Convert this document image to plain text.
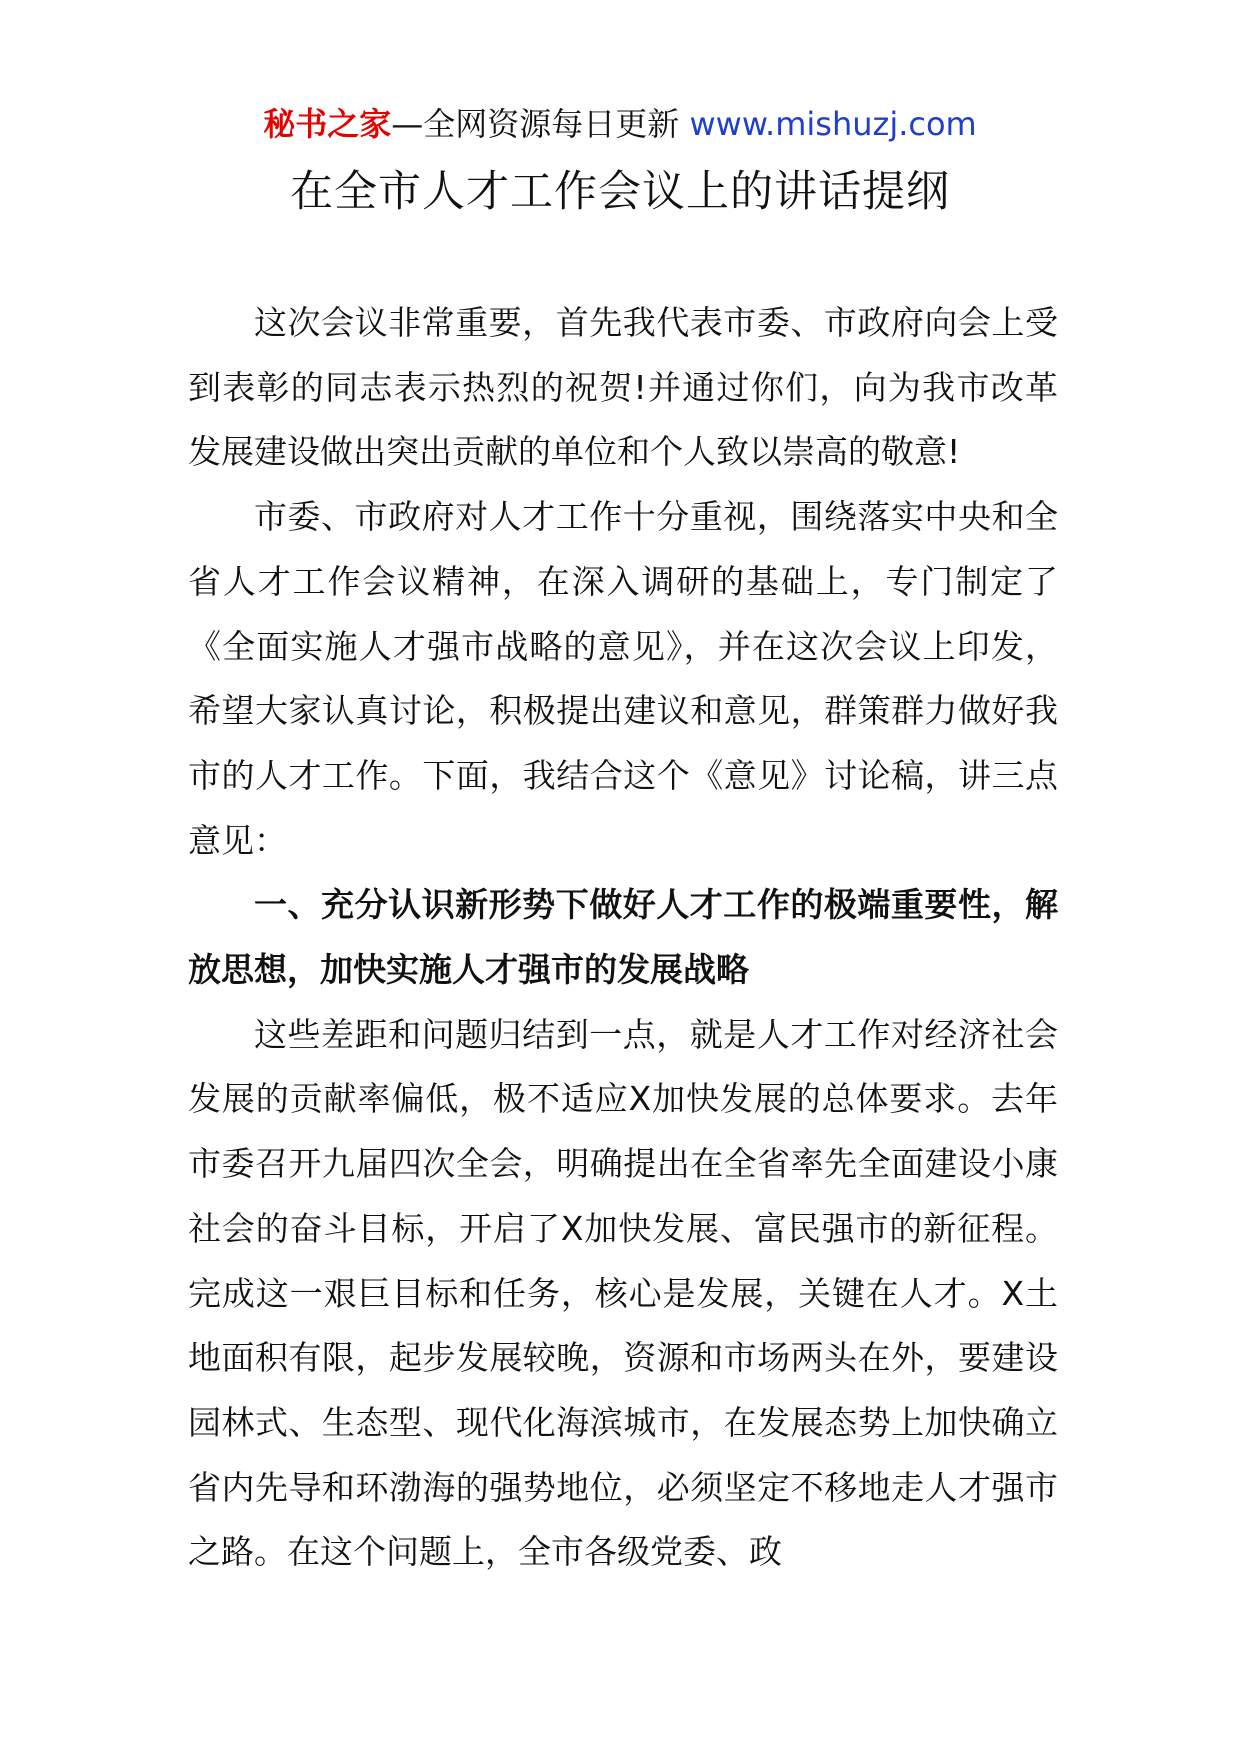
秘书之家—全网资源每日更新 www.mishuzj.com
在全市人才工作会议上的讲话提纲

这次会议非常重要，首先我代表市委、市政府向会上受到表彰的同志表示热烈的祝贺!并通过你们，向为我市改革发展建设做出突出贡献的单位和个人致以崇高的敬意!

市委、市政府对人才工作十分重视，围绕落实中央和全省人才工作会议精神，在深入调研的基础上，专门制定了《全面实施人才强市战略的意见》，并在这次会议上印发，希望大家认真讨论，积极提出建议和意见，群策群力做好我市的人才工作。下面，我结合这个《意见》讨论稿，讲三点意见：

一、充分认识新形势下做好人才工作的极端重要性，解放思想，加快实施人才强市的发展战略

这些差距和问题归结到一点，就是人才工作对经济社会发展的贡献率偏低，极不适应X加快发展的总体要求。去年市委召开九届四次全会，明确提出在全省率先全面建设小康社会的奋斗目标，开启了X加快发展、富民强市的新征程。完成这一艰巨目标和任务，核心是发展，关键在人才。X土地面积有限，起步发展较晚，资源和市场两头在外，要建设园林式、生态型、现代化海滨城市，在发展态势上加快确立省内先导和环渤海的强势地位，必须坚定不移地走人才强市之路。在这个问题上，全市各级党委、政
